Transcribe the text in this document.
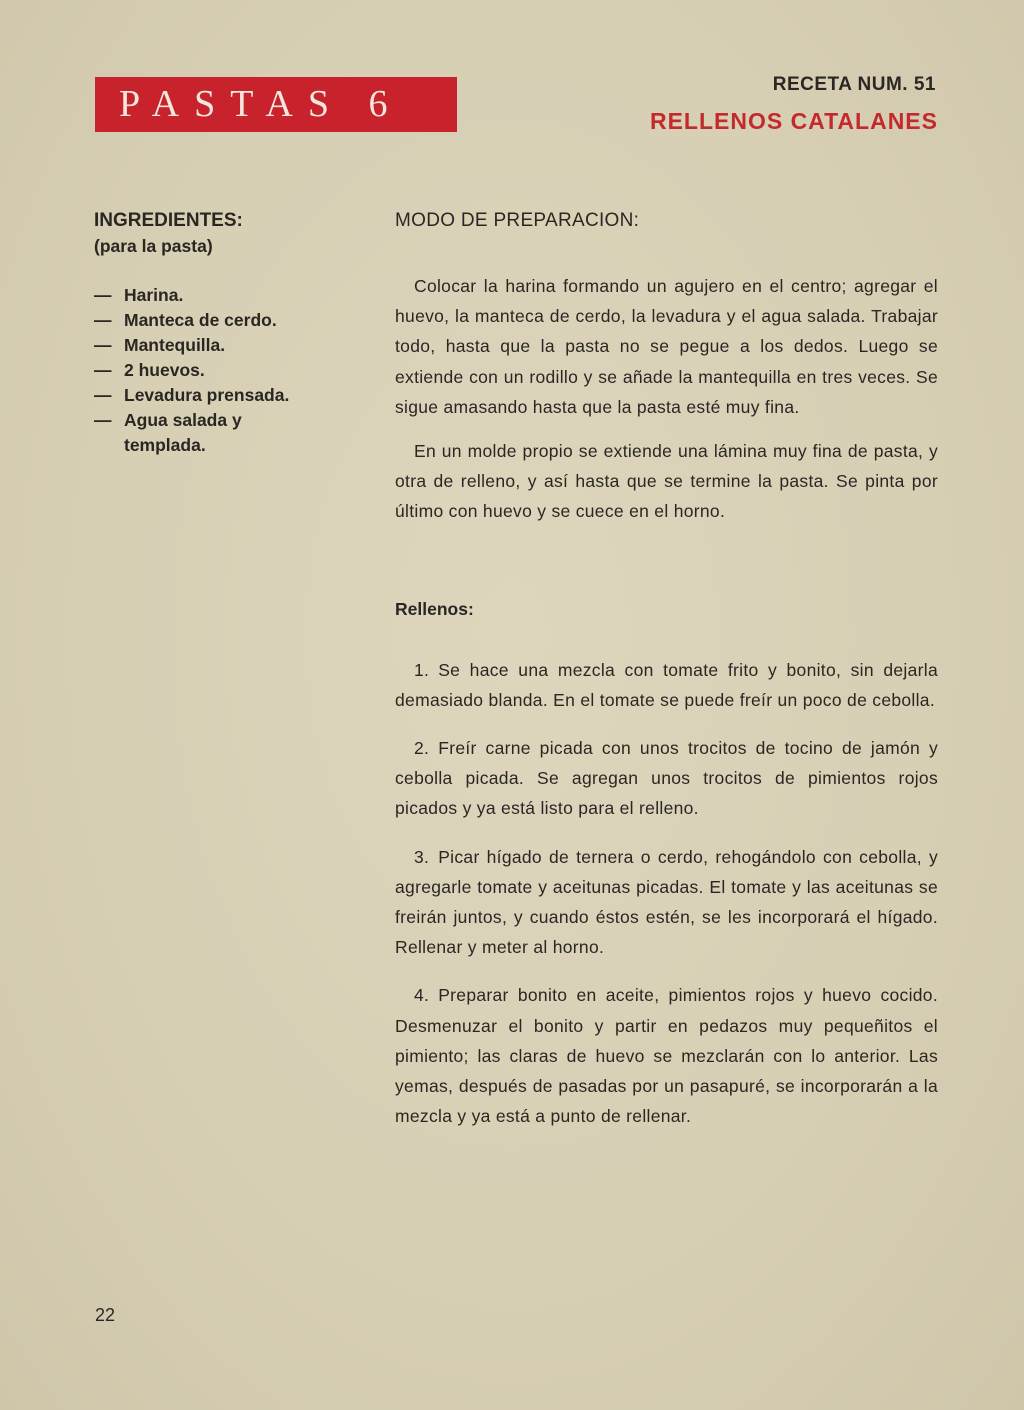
PASTAS 6	RECETA NUM. 51
RELLENOS CATALANES
INGREDIENTES:
(para la pasta)
— Harina.
— Manteca de cerdo.
— Mantequilla.
— 2 huevos.
— Levadura prensada.
— Agua salada y templada.

MODO DE PREPARACION:

Colocar la harina formando un agujero en el centro; agregar el huevo, la manteca de cerdo, la levadura y el agua salada. Trabajar todo, hasta que la pasta no se pegue a los dedos. Luego se extiende con un rodillo y se añade la mantequilla en tres veces. Se sigue amasando hasta que la pasta esté muy fina.

En un molde propio se extiende una lámina muy fina de pasta, y otra de relleno, y así hasta que se termine la pasta. Se pinta por último con huevo y se cuece en el horno.

Rellenos:

1. Se hace una mezcla con tomate frito y bonito, sin dejarla demasiado blanda. En el tomate se puede freír un poco de cebolla.
2. Freír carne picada con unos trocitos de tocino de jamón y cebolla picada. Se agregan unos trocitos de pimientos rojos picados y ya está listo para el relleno.
3. Picar hígado de ternera o cerdo, rehogándolo con cebolla, y agregarle tomate y aceitunas picadas. El tomate y las aceitunas se freirán juntos, y cuando éstos estén, se les incorporará el hígado. Rellenar y meter al horno.
4. Preparar bonito en aceite, pimientos rojos y huevo cocido. Desmenuzar el bonito y partir en pedazos muy pequeñitos el pimiento; las claras de huevo se mezclarán con lo anterior. Las yemas, después de pasadas por un pasapuré, se incorporarán a la mezcla y ya está a punto de rellenar.
22
